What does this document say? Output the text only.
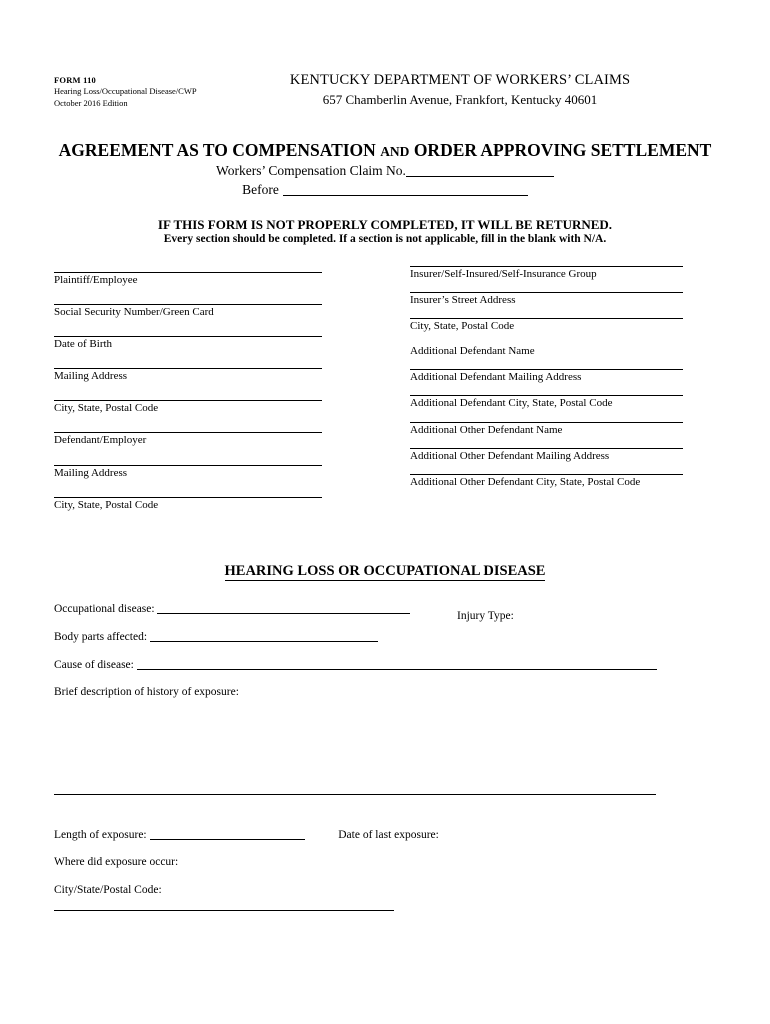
FORM 110
Hearing Loss/Occupational Disease/CWP
October 2016 Edition
KENTUCKY DEPARTMENT OF WORKERS’ CLAIMS
657 Chamberlin Avenue, Frankfort, Kentucky 40601
AGREEMENT AS TO COMPENSATION AND ORDER APPROVING SETTLEMENT
Workers’ Compensation Claim No.
Before
IF THIS FORM IS NOT PROPERLY COMPLETED, IT WILL BE RETURNED.
Every section should be completed. If a section is not applicable, fill in the blank with N/A.
Plaintiff/Employee
Social Security Number/Green Card
Date of Birth
Mailing Address
City, State, Postal Code
Defendant/Employer
Mailing Address
City, State, Postal Code
Insurer/Self-Insured/Self-Insurance Group
Insurer’s Street Address
City, State, Postal Code
Additional Defendant Name
Additional Defendant Mailing Address
Additional Defendant City, State, Postal Code
Additional Other Defendant Name
Additional Other Defendant Mailing Address
Additional Other Defendant City, State, Postal Code
HEARING LOSS OR OCCUPATIONAL DISEASE
Occupational disease:
Injury Type:
Body parts affected:
Cause of disease:
Brief description of history of exposure:
Length of exposure:	Date of last exposure:
Where did exposure occur:
City/State/Postal Code:
